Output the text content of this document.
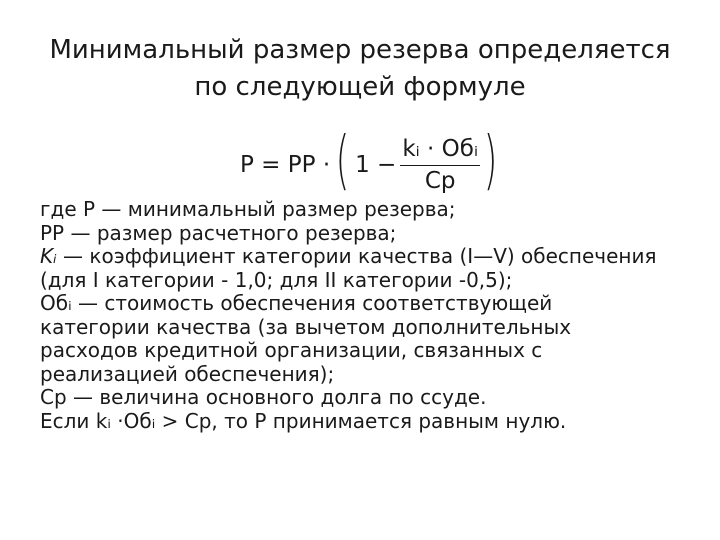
Минимальный размер резерва определяется
по следующей формуле
Р = РР · ( $1 - \frac{\text{kᵢ · Обᵢ}}{Ср}$ )
где Р — минимальный размер резерва;
РР — размер расчетного резерва;
Kᵢ — коэффициент категории качества (I—V) обеспечения
(для I категории - 1,0; для II категории -0,5);
Обᵢ — стоимость обеспечения соответствующей
категории качества (за вычетом дополнительных
расходов кредитной организации, связанных с
реализацией обеспечения);
Ср — величина основного долга по ссуде.
Если kᵢ ·Обᵢ > Ср, то Р принимается равным нулю.
